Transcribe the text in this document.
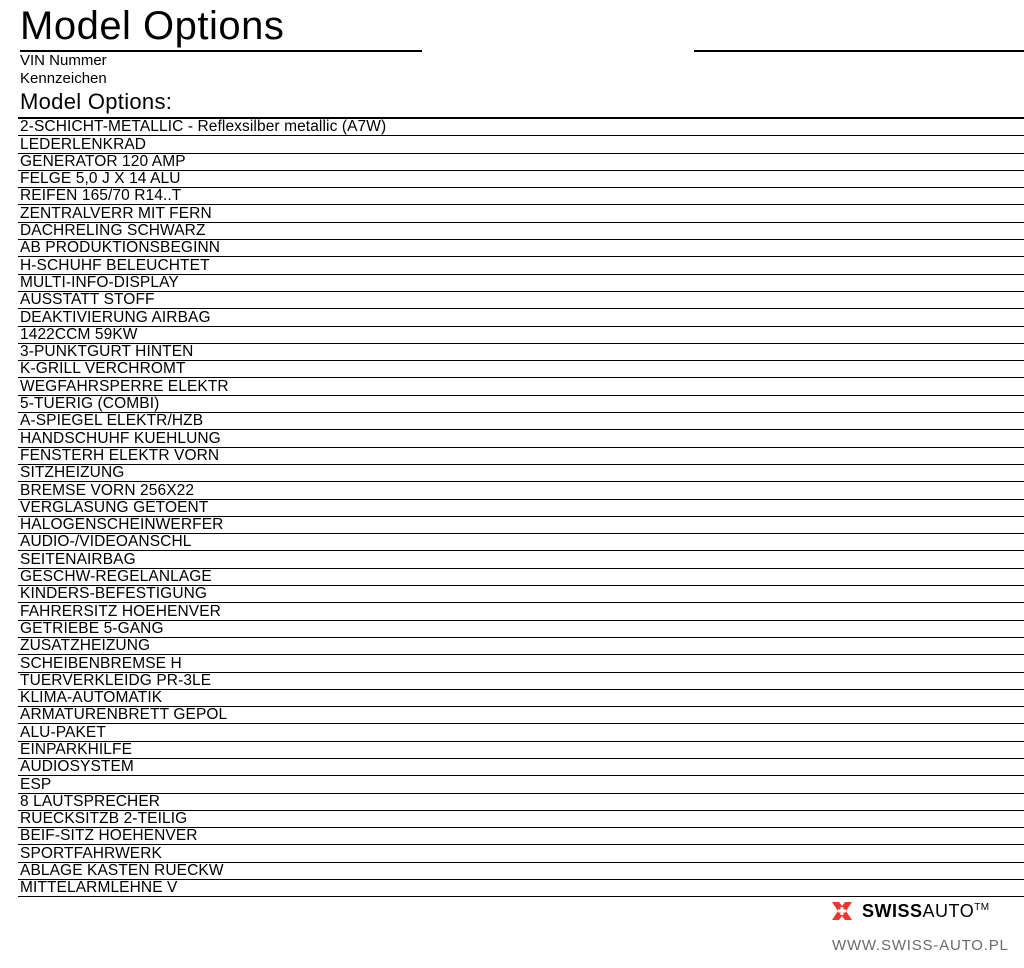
Model Options
VIN Nummer
Kennzeichen
Model Options:
2-SCHICHT-METALLIC - Reflexsilber metallic (A7W)
LEDERLENKRAD
GENERATOR 120 AMP
FELGE 5,0 J X 14 ALU
REIFEN 165/70 R14..T
ZENTRALVERR MIT FERN
DACHRELING SCHWARZ
AB PRODUKTIONSBEGINN
H-SCHUHF BELEUCHTET
MULTI-INFO-DISPLAY
AUSSTATT STOFF
DEAKTIVIERUNG AIRBAG
1422CCM 59KW
3-PUNKTGURT HINTEN
K-GRILL VERCHROMT
WEGFAHRSPERRE ELEKTR
5-TUERIG (COMBI)
A-SPIEGEL ELEKTR/HZB
HANDSCHUHF KUEHLUNG
FENSTERH ELEKTR VORN
SITZHEIZUNG
BREMSE VORN 256X22
VERGLASUNG GETOENT
HALOGENSCHEINWERFER
AUDIO-/VIDEOANSCHL
SEITENAIRBAG
GESCHW-REGELANLAGE
KINDERS-BEFESTIGUNG
FAHRERSITZ HOEHENVER
GETRIEBE 5-GANG
ZUSATZHEIZUNG
SCHEIBENBREMSE H
TUERVERKLEIDG PR-3LE
KLIMA-AUTOMATIK
ARMATURENBRETT GEPOL
ALU-PAKET
EINPARKHILFE
AUDIOSYSTEM
ESP
8 LAUTSPRECHER
RUECKSITZB 2-TEILIG
BEIF-SITZ HOEHENVER
SPORTFAHRWERK
ABLAGE KASTEN RUECKW
MITTELARMLEHNE V
SWISSAUTO™
WWW.SWISS-AUTO.PL
